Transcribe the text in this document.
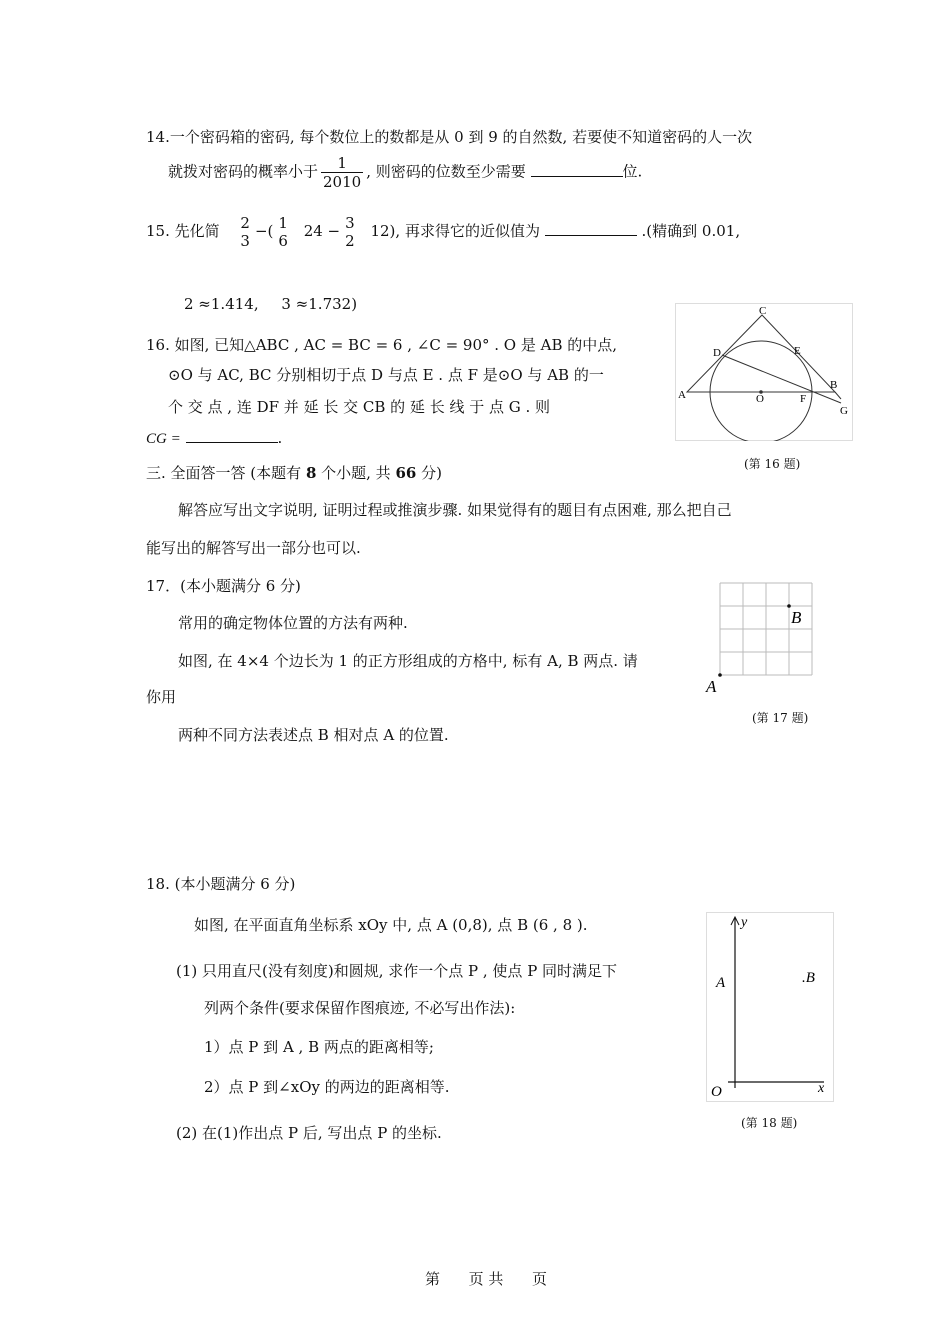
14.一个密码箱的密码, 每个数位上的数都是从 0 到 9 的自然数, 若要使不知道密码的人一次
就拨对密码的概率小于 $\frac{1}{2010}$ , 则密码的位数至少需要	位.
15. 先化简 2
3
−( 1
6
24 − 3
2
12), 再求得它的近似值为	.(精确到 0.01,
2 ≈1.414, 3 ≈1.732)
16. 如图, 已知△ABC , AC = BC = 6 , ∠C = 90° . O 是 AB 的中点,
⊙O 与 AC, BC 分别相切于点 D 与点 E . 点 F 是⊙O 与 AB 的一
个 交 点 , 连 DF 并 延 长 交 CB 的 延 长 线 于 点 G . 则
CG =	.
C
D	E
A	O	F
B
G
(第 16 题)
三. 全面答一答 (本题有 8 个小题, 共 66 分)
解答应写出文字说明, 证明过程或推演步骤. 如果觉得有的题目有点困难, 那么把自己
能写出的解答写出一部分也可以.
17．(本小题满分 6 分)
常用的确定物体位置的方法有两种.
如图, 在 4×4 个边长为 1 的正方形组成的方格中, 标有 A, B 两点. 请
你用
两种不同方法表述点 B 相对点 A 的位置.
B
A
(第 17 题)
18. (本小题满分 6 分)
如图, 在平面直角坐标系 xOy 中, 点 A (0,8), 点 B (6 , 8 ).
(1) 只用直尺(没有刻度)和圆规, 求作一个点 P , 使点 P 同时满足下
列两个条件(要求保留作图痕迹, 不必写出作法):
1）点 P 到 A , B 两点的距离相等;
2）点 P 到∠xOy 的两边的距离相等.
(2) 在(1)作出点 P 后, 写出点 P 的坐标.
y
A	.B
O	x
(第 18 题)
第      页 共      页
